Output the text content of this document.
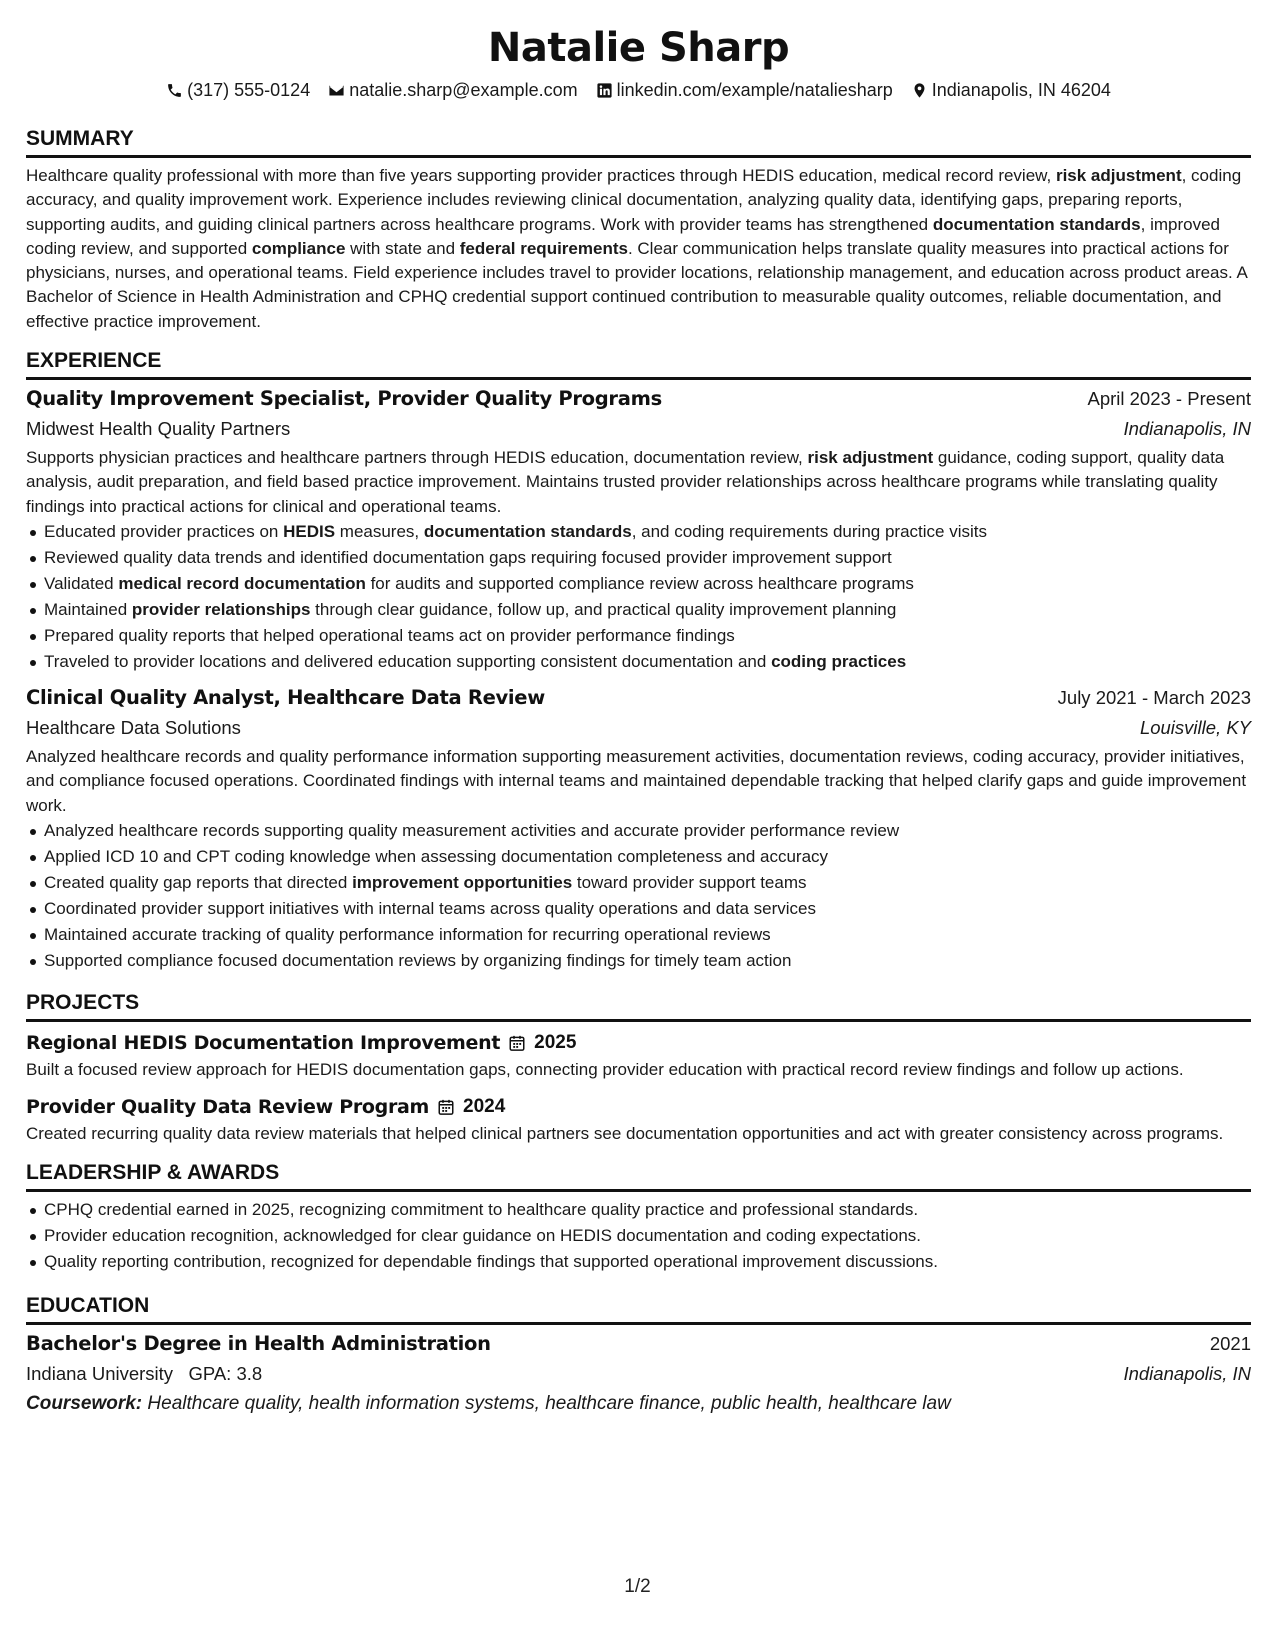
Natalie Sharp
(317) 555-0124 natalie.sharp@example.com linkedin.com/example/nataliesharp Indianapolis, IN 46204
SUMMARY
Healthcare quality professional with more than five years supporting provider practices through HEDIS education, medical record review, risk adjustment, coding accuracy, and quality improvement work. Experience includes reviewing clinical documentation, analyzing quality data, identifying gaps, preparing reports, supporting audits, and guiding clinical partners across healthcare programs. Work with provider teams has strengthened documentation standards, improved coding review, and supported compliance with state and federal requirements. Clear communication helps translate quality measures into practical actions for physicians, nurses, and operational teams. Field experience includes travel to provider locations, relationship management, and education across product areas. A Bachelor of Science in Health Administration and CPHQ credential support continued contribution to measurable quality outcomes, reliable documentation, and effective practice improvement.
EXPERIENCE
Quality Improvement Specialist, Provider Quality Programs	April 2023 - Present
Midwest Health Quality Partners	Indianapolis, IN
Supports physician practices and healthcare partners through HEDIS education, documentation review, risk adjustment guidance, coding support, quality data analysis, audit preparation, and field based practice improvement. Maintains trusted provider relationships across healthcare programs while translating quality findings into practical actions for clinical and operational teams.
Educated provider practices on HEDIS measures, documentation standards, and coding requirements during practice visits
Reviewed quality data trends and identified documentation gaps requiring focused provider improvement support
Validated medical record documentation for audits and supported compliance review across healthcare programs
Maintained provider relationships through clear guidance, follow up, and practical quality improvement planning
Prepared quality reports that helped operational teams act on provider performance findings
Traveled to provider locations and delivered education supporting consistent documentation and coding practices
Clinical Quality Analyst, Healthcare Data Review	July 2021 - March 2023
Healthcare Data Solutions	Louisville, KY
Analyzed healthcare records and quality performance information supporting measurement activities, documentation reviews, coding accuracy, provider initiatives, and compliance focused operations. Coordinated findings with internal teams and maintained dependable tracking that helped clarify gaps and guide improvement work.
Analyzed healthcare records supporting quality measurement activities and accurate provider performance review
Applied ICD 10 and CPT coding knowledge when assessing documentation completeness and accuracy
Created quality gap reports that directed improvement opportunities toward provider support teams
Coordinated provider support initiatives with internal teams across quality operations and data services
Maintained accurate tracking of quality performance information for recurring operational reviews
Supported compliance focused documentation reviews by organizing findings for timely team action
PROJECTS
Regional HEDIS Documentation Improvement 2025
Built a focused review approach for HEDIS documentation gaps, connecting provider education with practical record review findings and follow up actions.
Provider Quality Data Review Program 2024
Created recurring quality data review materials that helped clinical partners see documentation opportunities and act with greater consistency across programs.
LEADERSHIP & AWARDS
CPHQ credential earned in 2025, recognizing commitment to healthcare quality practice and professional standards.
Provider education recognition, acknowledged for clear guidance on HEDIS documentation and coding expectations.
Quality reporting contribution, recognized for dependable findings that supported operational improvement discussions.
EDUCATION
Bachelor's Degree in Health Administration	2021
Indiana University GPA: 3.8	Indianapolis, IN
Coursework: Healthcare quality, health information systems, healthcare finance, public health, healthcare law
1/2
